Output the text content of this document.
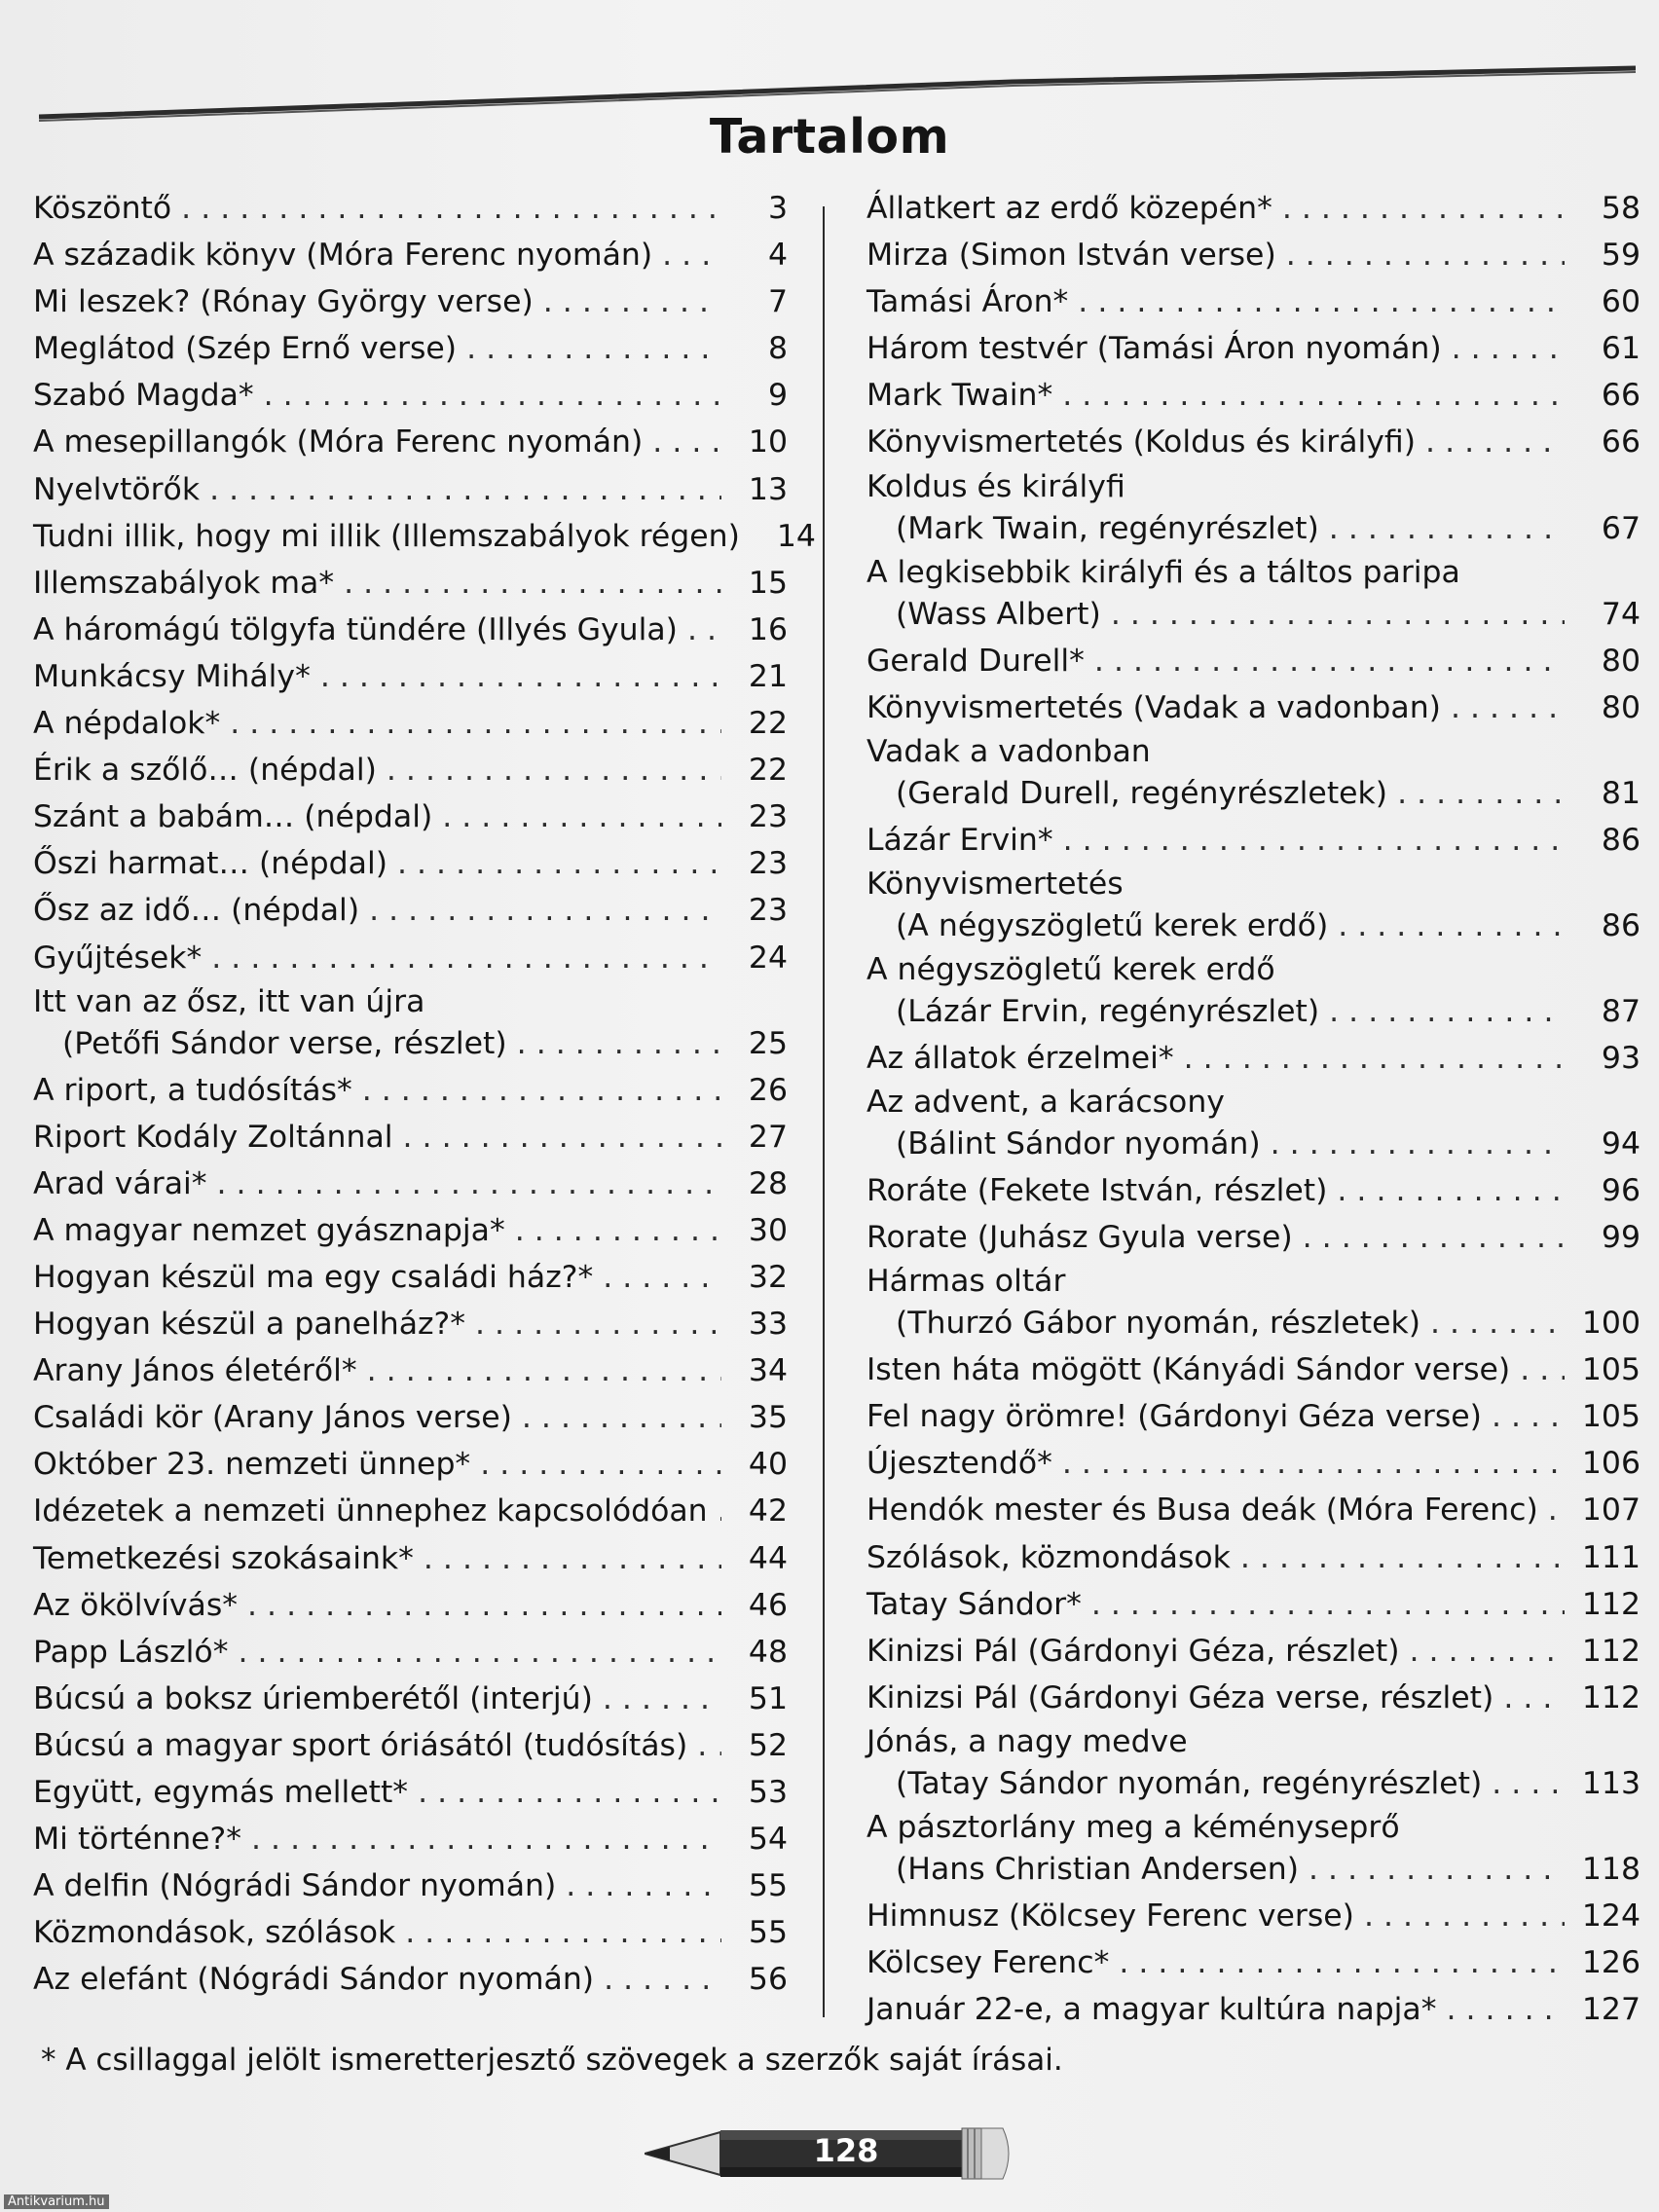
Tartalom
Köszöntő . . .	3
A századik könyv (Móra Ferenc nyomán) . . .	4
Mi leszek? (Rónay György verse) . . .	7
Meglátod (Szép Ernő verse) . . .	8
Szabó Magda* . . .	9
A mesepillangók (Móra Ferenc nyomán) . . .	10
Nyelvtörők . . .	13
Tudni illik, hogy mi illik (Illemszabályok régen)	14
Illemszabályok ma* . . .	15
A háromágú tölgyfa tündére (Illyés Gyula) . . .	16
Munkácsy Mihály* . . .	21
A népdalok* . . .	22
Érik a szőlő… (népdal) . . .	22
Szánt a babám… (népdal) . . .	23
Őszi harmat… (népdal) . . .	23
Ősz az idő… (népdal) . . .	23
Gyűjtések* . . .	24
Itt van az ősz, itt van újra
(Petőfi Sándor verse, részlet) . . .	25
A riport, a tudósítás* . . .	26
Riport Kodály Zoltánnal . . .	27
Arad várai* . . .	28
A magyar nemzet gyásznapja* . . .	30
Hogyan készül ma egy családi ház?* . . .	32
Hogyan készül a panelház?* . . .	33
Arany János életéről* . . .	34
Családi kör (Arany János verse) . . .	35
Október 23. nemzeti ünnep* . . .	40
Idézetek a nemzeti ünnephez kapcsolódóan . . .	42
Temetkezési szokásaink* . . .	44
Az ökölvívás* . . .	46
Papp László* . . .	48
Búcsú a boksz úriemberétől (interjú) . . .	51
Búcsú a magyar sport óriásától (tudósítás) . . .	52
Együtt, egymás mellett* . . .	53
Mi történne?* . . .	54
A delfin (Nógrádi Sándor nyomán) . . .	55
Közmondások, szólások . . .	55
Az elefánt (Nógrádi Sándor nyomán) . . .	56
Állatkert az erdő közepén* . . .	58
Mirza (Simon István verse) . . .	59
Tamási Áron* . . .	60
Három testvér (Tamási Áron nyomán) . . .	61
Mark Twain* . . .	66
Könyvismertetés (Koldus és királyfi) . . .	66
Koldus és királyfi
(Mark Twain, regényrészlet) . . .	67
A legkisebbik királyfi és a táltos paripa
(Wass Albert) . . .	74
Gerald Durell* . . .	80
Könyvismertetés (Vadak a vadonban) . . .	80
Vadak a vadonban
(Gerald Durell, regényrészletek) . . .	81
Lázár Ervin* . . .	86
Könyvismertetés
(A négyszögletű kerek erdő) . . .	86
A négyszögletű kerek erdő
(Lázár Ervin, regényrészlet) . . .	87
Az állatok érzelmei* . . .	93
Az advent, a karácsony
(Bálint Sándor nyomán) . . .	94
Roráte (Fekete István, részlet) . . .	96
Rorate (Juhász Gyula verse) . . .	99
Hármas oltár
(Thurzó Gábor nyomán, részletek) . . .	100
Isten háta mögött (Kányádi Sándor verse) . . .	105
Fel nagy örömre! (Gárdonyi Géza verse) . . .	105
Újesztendő* . . .	106
Hendók mester és Busa deák (Móra Ferenc) . . .	107
Szólások, közmondások . . .	111
Tatay Sándor* . . .	112
Kinizsi Pál (Gárdonyi Géza, részlet) . . .	112
Kinizsi Pál (Gárdonyi Géza verse, részlet) . . .	112
Jónás, a nagy medve
(Tatay Sándor nyomán, regényrészlet) . . .	113
A pásztorlány meg a kéményseprő
(Hans Christian Andersen) . . .	118
Himnusz (Kölcsey Ferenc verse) . . .	124
Kölcsey Ferenc* . . .	126
Január 22-e, a magyar kultúra napja* . . .	127
* A csillaggal jelölt ismeretterjesztő szövegek a szerzők saját írásai.
128
Antikvarium.hu
